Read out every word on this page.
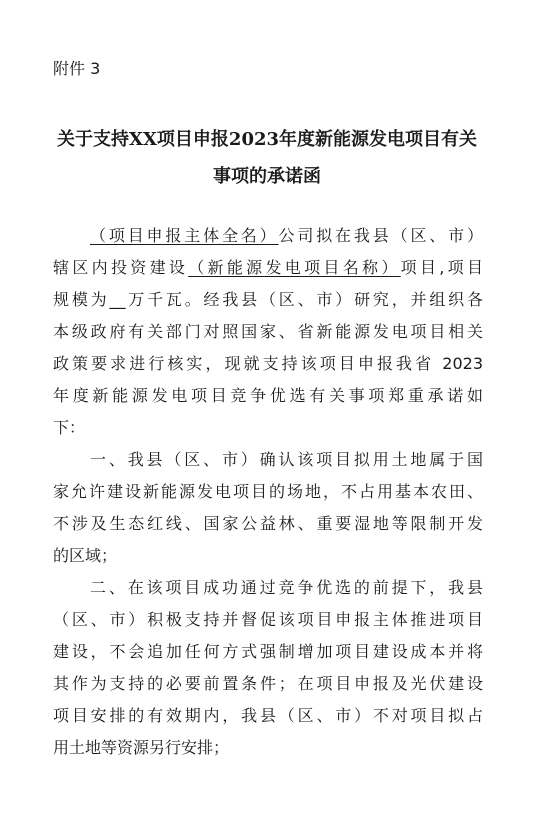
附件 3
关于支持XX项目申报2023年度新能源发电项目有关
事项的承诺函
（项目申报主体全名）公司拟在我县（区、市）
辖区内投资建设（新能源发电项目名称）项目,项目
规模为__万千瓦。经我县（区、市）研究，并组织各
本级政府有关部门对照国家、省新能源发电项目相关
政策要求进行核实，现就支持该项目申报我省 2023
年度新能源发电项目竞争优选有关事项郑重承诺如
下：
一、我县（区、市）确认该项目拟用土地属于国
家允许建设新能源发电项目的场地，不占用基本农田、
不涉及生态红线、国家公益林、重要湿地等限制开发
的区域；
二、在该项目成功通过竞争优选的前提下，我县
（区、市）积极支持并督促该项目申报主体推进项目
建设，不会追加任何方式强制增加项目建设成本并将
其作为支持的必要前置条件；在项目申报及光伏建设
项目安排的有效期内，我县（区、市）不对项目拟占
用土地等资源另行安排；
